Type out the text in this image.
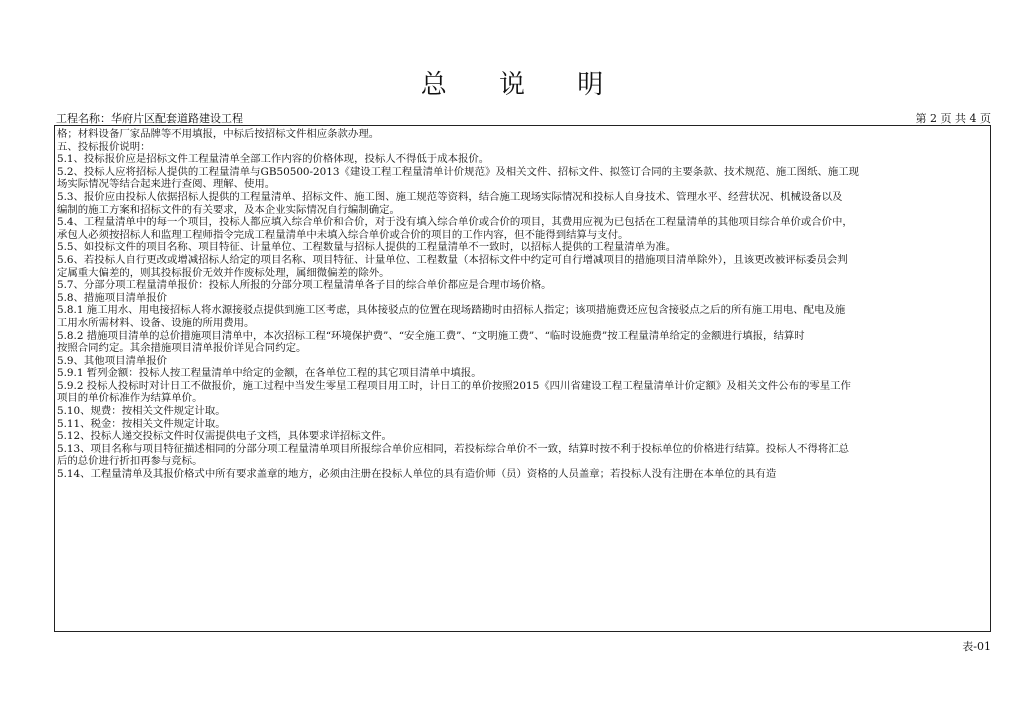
总 说 明
工程名称：华府片区配套道路建设工程	第 2 页 共 4 页
格；材料设备厂家品牌等不用填报，中标后按招标文件相应条款办理。
五、投标报价说明：
5.1、投标报价应是招标文件工程量清单全部工作内容的价格体现，投标人不得低于成本报价。
5.2、投标人应将招标人提供的工程量清单与GB50500-2013《建设工程工程量清单计价规范》及相关文件、招标文件、拟签订合同的主要条款、技术规范、施工图纸、施工现
场实际情况等结合起来进行查阅、理解、使用。
5.3、报价应由投标人依据招标人提供的工程量清单、招标文件、施工图、施工规范等资料，结合施工现场实际情况和投标人自身技术、管理水平、经营状况、机械设备以及
编制的施工方案和招标文件的有关要求，及本企业实际情况自行编制确定。
5.4、工程量清单中的每一个项目，投标人都应填入综合单价和合价，对于没有填入综合单价或合价的项目，其费用应视为已包括在工程量清单的其他项目综合单价或合价中，
承包人必须按招标人和监理工程师指令完成工程量清单中未填入综合单价或合价的项目的工作内容，但不能得到结算与支付。
5.5、如投标文件的项目名称、项目特征、计量单位、工程数量与招标人提供的工程量清单不一致时，以招标人提供的工程量清单为准。
5.6、若投标人自行更改或增减招标人给定的项目名称、项目特征、计量单位、工程数量（本招标文件中约定可自行增减项目的措施项目清单除外），且该更改被评标委员会判
定属重大偏差的，则其投标报价无效并作废标处理，属细微偏差的除外。
5.7、分部分项工程量清单报价：投标人所报的分部分项工程量清单各子目的综合单价都应是合理市场价格。
5.8、措施项目清单报价
5.8.1 施工用水、用电接招标人将水源接驳点提供到施工区考虑，具体接驳点的位置在现场踏勘时由招标人指定；该项措施费还应包含接驳点之后的所有施工用电、配电及施
工用水所需材料、设备、设施的所用费用。
5.8.2 措施项目清单的总价措施项目清单中，本次招标工程“环境保护费”、“安全施工费”、“文明施工费”、“临时设施费”按工程量清单给定的金额进行填报，结算时
按照合同约定。其余措施项目清单报价详见合同约定。
5.9、其他项目清单报价
5.9.1 暂列金额：投标人按工程量清单中给定的金额，在各单位工程的其它项目清单中填报。
5.9.2 投标人投标时对计日工不做报价，施工过程中当发生零星工程项目用工时，计日工的单价按照2015《四川省建设工程工程量清单计价定额》及相关文件公布的零星工作
项目的单价标准作为结算单价。
5.10、规费：按相关文件规定计取。
5.11、税金：按相关文件规定计取。
5.12、投标人递交投标文件时仅需提供电子文档，具体要求详招标文件。
5.13、项目名称与项目特征描述相同的分部分项工程量清单项目所报综合单价应相同，若投标综合单价不一致，结算时按不利于投标单位的价格进行结算。投标人不得将汇总
后的总价进行折扣再参与竞标。
5.14、工程量清单及其报价格式中所有要求盖章的地方，必须由注册在投标人单位的具有造价师（员）资格的人员盖章；若投标人没有注册在本单位的具有造
表-01
